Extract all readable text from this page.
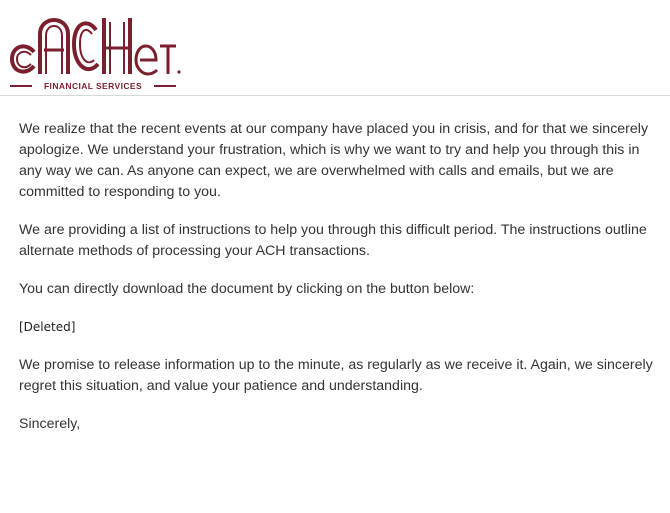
FINANCIAL SERVICES

We realize that the recent events at our company have placed you in crisis, and for that we sincerely apologize. We understand your frustration, which is why we want to try and help you through this in any way we can. As anyone can expect, we are overwhelmed with calls and emails, but we are committed to responding to you.

We are providing a list of instructions to help you through this difficult period. The instructions outline alternate methods of processing your ACH transactions.

You can directly download the document by clicking on the button below:

[Deleted]

We promise to release information up to the minute, as regularly as we receive it. Again, we sincerely regret this situation, and value your patience and understanding.

Sincerely,
